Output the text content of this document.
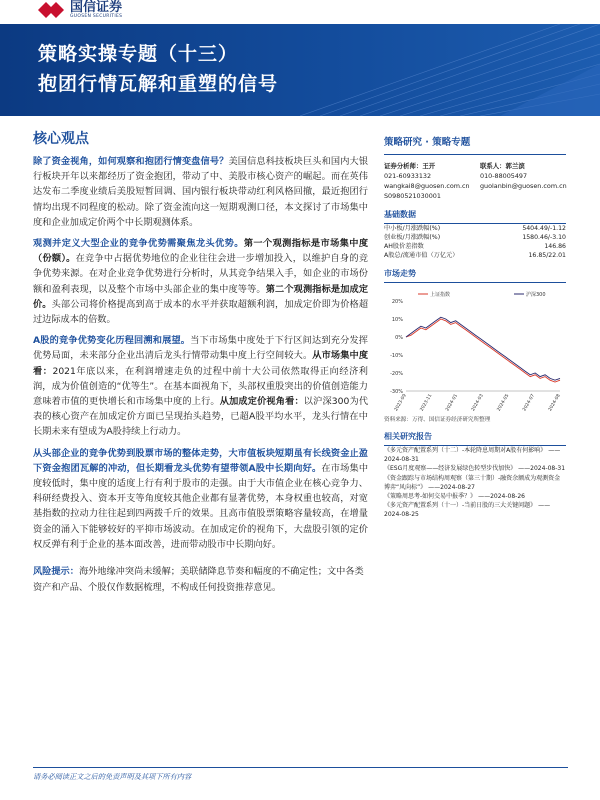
国信证券
GUOSEN SECURITIES
策略实操专题（十三）
抱团行情瓦解和重塑的信号
核心观点

除了资金视角，如何观察和抱团行情变盘信号？美国信息科技板块巨头和国内大银行板块开年以来都经历了资金抱团，带动了中、美股市核心资产的崛起。而在英伟达发布二季度业绩后美股短暂回调、国内银行板块带动红利风格回撤，最近抱团行情均出现不同程度的松动。除了资金流向这一短期观测口径，本文探讨了市场集中度和企业加成定价两个中长期观测体系。

观测并定义大型企业的竞争优势需聚焦龙头优势。第一个观测指标是市场集中度（份额）。在竞争中占据优势地位的企业往往会进一步增加投入，以维护自身的竞争优势来源。在对企业竞争优势进行分析时，从其竞争结果入手，如企业的市场份额和盈利表现，以及整个市场中头部企业的集中度等等。第二个观测指标是加成定价。头部公司将价格提高到高于成本的水平并获取超额利润，加成定价即为价格超过边际成本的倍数。

A股的竞争优势变化历程回溯和展望。当下市场集中度处于下行区间达到充分发挥优势局面，未来部分企业出清后龙头行情带动集中度上行空间较大。从市场集中度看：2021年底以来，在利润增速走负的过程中前十大公司依然取得正向经济利润，成为价值创造的“优等生”。在基本面视角下，头部权重股突出的价值创造能力意味着市值的更快增长和市场集中度的上行。从加成定价视角看：以沪深300为代表的核心资产在加成定价方面已呈现抬头趋势，已超A股平均水平，龙头行情在中长期未来有望成为A股持续上行动力。

从头部企业的竞争优势到股票市场的整体走势，大市值板块短期虽有长线资金止盈下资金抱团瓦解的冲动，但长期看龙头优势有望带领A股中长期向好。在市场集中度较低时，集中度的适度上行有利于股市的走强。由于大市值企业在核心竞争力、科研经费投入、资本开支等角度较其他企业都有显著优势，本身权重也较高，对宽基指数的拉动力往往起到四两拨千斤的效果。且高市值股票策略容量较高，在增量资金的涌入下能够较好的平抑市场波动。在加成定价的视角下，大盘股引领的定价权反弹有利于企业的基本面改善，进而带动股市中长期向好。

风险提示：海外地缘冲突尚未缓解；美联储降息节奏和幅度的不确定性；文中各类资产和产品、个股仅作数据梳理，不构成任何投资推荐意见。
策略研究 · 策略专题
证券分析师：王开	联系人：郭兰滨
021-60933132	010-88005497
wangkai8@guosen.com.cn	guolanbin@guosen.com.cn
S0980521030001
基础数据
中小板/月涨跌幅(%)	5404.49/-1.12
创业板/月涨跌幅(%)	1580.46/-3.10
AH股价差指数	146.86
A股总/流通市值（万亿元）	16.85/22.01
市场走势
20%
10%
0%
-10%
-20%
-30%
2023-09	2023-11	2024-01	2024-03	2024-05	2024-07	2024-08
上证指数	沪深300
资料来源：万得、国信证券经济研究所整理
相关研究报告
《多元资产配置系列（十二）-本轮降息周期对A股有何影响》 ——2024-08-31
《ESG月度观察——经济发展绿色转型步伐加快》 ——2024-08-31
《资金跟踪与市场结构周观察（第三十期）-融资余额成为观测资金博弈“风向标”》 ——2024-08-27
《策略周思考-如何交易中报季？》 ——2024-08-26
《多元资产配置系列（十一）-当前日股的三大关键问题》 ——2024-08-25
请务必阅读正文之后的免责声明及其项下所有内容
